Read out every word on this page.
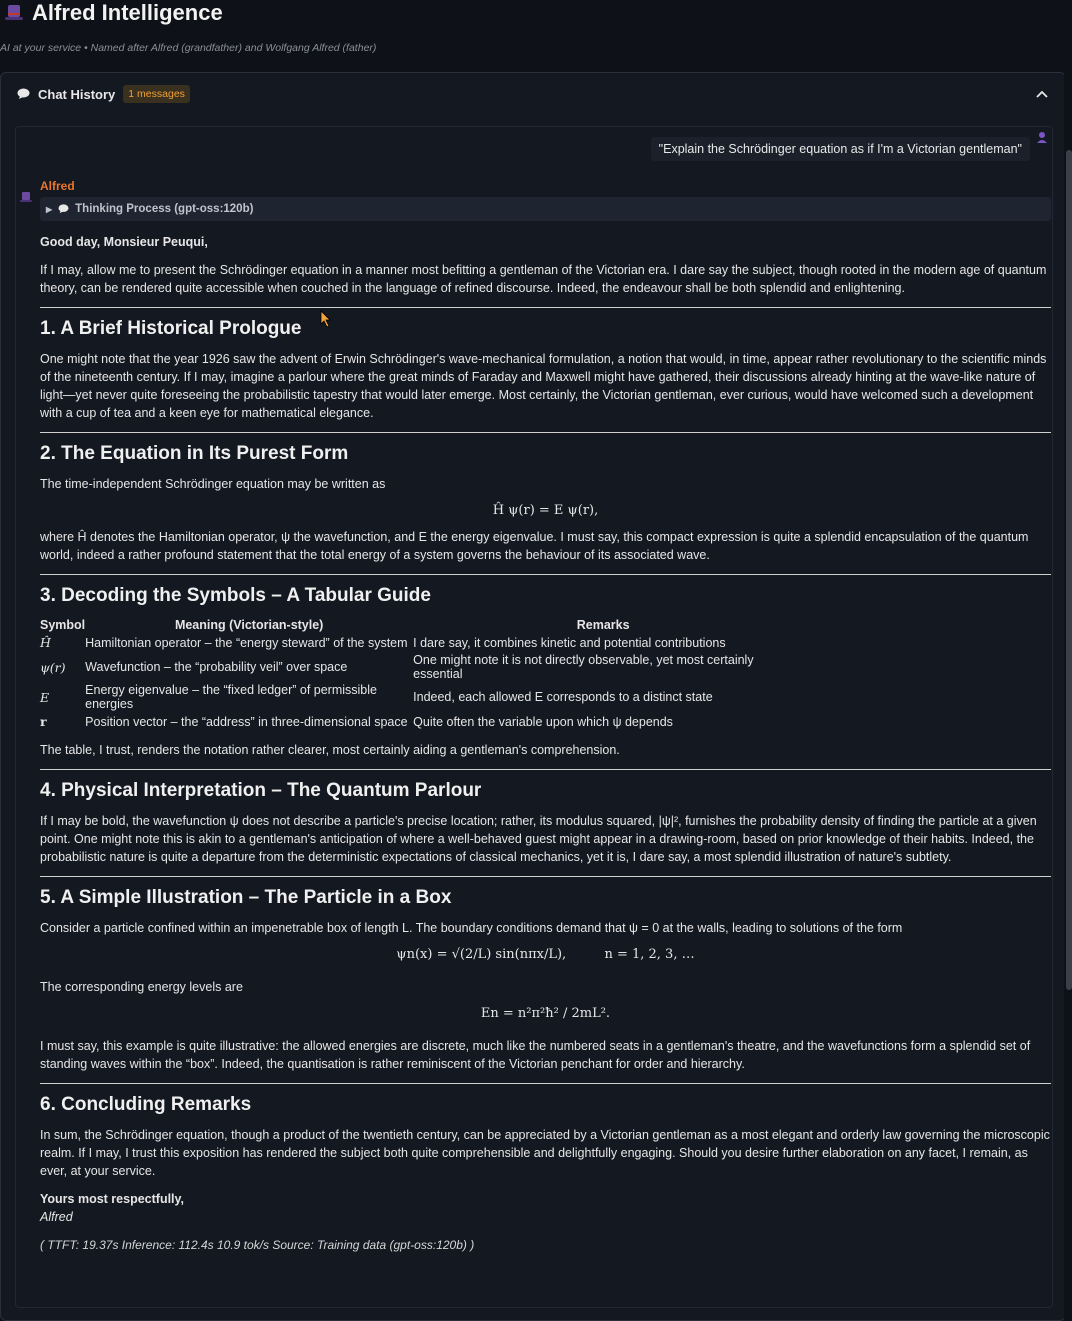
Alfred Intelligence
AI at your service • Named after Alfred (grandfather) and Wolfgang Alfred (father)
Chat History	1 messages
"Explain the Schrödinger equation as if I'm a Victorian gentleman"
Alfred
▶ Thinking Process (gpt-oss:120b)

Good day, Monsieur Peuqui,

If I may, allow me to present the Schrödinger equation in a manner most befitting a gentleman of the Victorian era. I dare say the subject, though rooted in the modern age of quantum theory, can be rendered quite accessible when couched in the language of refined discourse. Indeed, the endeavour shall be both splendid and enlightening.

1. A Brief Historical Prologue

One might note that the year 1926 saw the advent of Erwin Schrödinger's wave-mechanical formulation, a notion that would, in time, appear rather revolutionary to the scientific minds of the nineteenth century. If I may, imagine a parlour where the great minds of Faraday and Maxwell might have gathered, their discussions already hinting at the wave-like nature of light—yet never quite foreseeing the probabilistic tapestry that would later emerge. Most certainly, the Victorian gentleman, ever curious, would have welcomed such a development with a cup of tea and a keen eye for mathematical elegance.

2. The Equation in Its Purest Form

The time-independent Schrödinger equation may be written as

Ĥ ψ(r) = E ψ(r),

where Ĥ denotes the Hamiltonian operator, ψ the wavefunction, and E the energy eigenvalue. I must say, this compact expression is quite a splendid encapsulation of the quantum world, indeed a rather profound statement that the total energy of a system governs the behaviour of its associated wave.

3. Decoding the Symbols – A Tabular Guide
Symbol	Meaning (Victorian-style)	Remarks
Ĥ	Hamiltonian operator – the “energy steward” of the system	I dare say, it combines kinetic and potential contributions
ψ(r)	Wavefunction – the “probability veil” over space	One might note it is not directly observable, yet most certainly essential
E	Energy eigenvalue – the “fixed ledger” of permissible energies	Indeed, each allowed E corresponds to a distinct state
r	Position vector – the “address” in three-dimensional space	Quite often the variable upon which ψ depends

The table, I trust, renders the notation rather clearer, most certainly aiding a gentleman's comprehension.

4. Physical Interpretation – The Quantum Parlour

If I may be bold, the wavefunction ψ does not describe a particle's precise location; rather, its modulus squared, |ψ|², furnishes the probability density of finding the particle at a given point. One might note this is akin to a gentleman's anticipation of where a well-behaved guest might appear in a drawing-room, based on prior knowledge of their habits. Indeed, the probabilistic nature is quite a departure from the deterministic expectations of classical mechanics, yet it is, I dare say, a most splendid illustration of nature's subtlety.

5. A Simple Illustration – The Particle in a Box

Consider a particle confined within an impenetrable box of length L. The boundary conditions demand that ψ = 0 at the walls, leading to solutions of the form

ψn(x) = √(2/L) sin(nπx/L),	n = 1, 2, 3, …

The corresponding energy levels are

En = n²π²ħ² / 2mL².

I must say, this example is quite illustrative: the allowed energies are discrete, much like the numbered seats in a gentleman's theatre, and the wavefunctions form a splendid set of standing waves within the “box”. Indeed, the quantisation is rather reminiscent of the Victorian penchant for order and hierarchy.

6. Concluding Remarks

In sum, the Schrödinger equation, though a product of the twentieth century, can be appreciated by a Victorian gentleman as a most elegant and orderly law governing the microscopic realm. If I may, I trust this exposition has rendered the subject both quite comprehensible and delightfully engaging. Should you desire further elaboration on any facet, I remain, as ever, at your service.

Yours most respectfully,

Alfred

( TTFT: 19.37s Inference: 112.4s 10.9 tok/s Source: Training data (gpt-oss:120b) )
